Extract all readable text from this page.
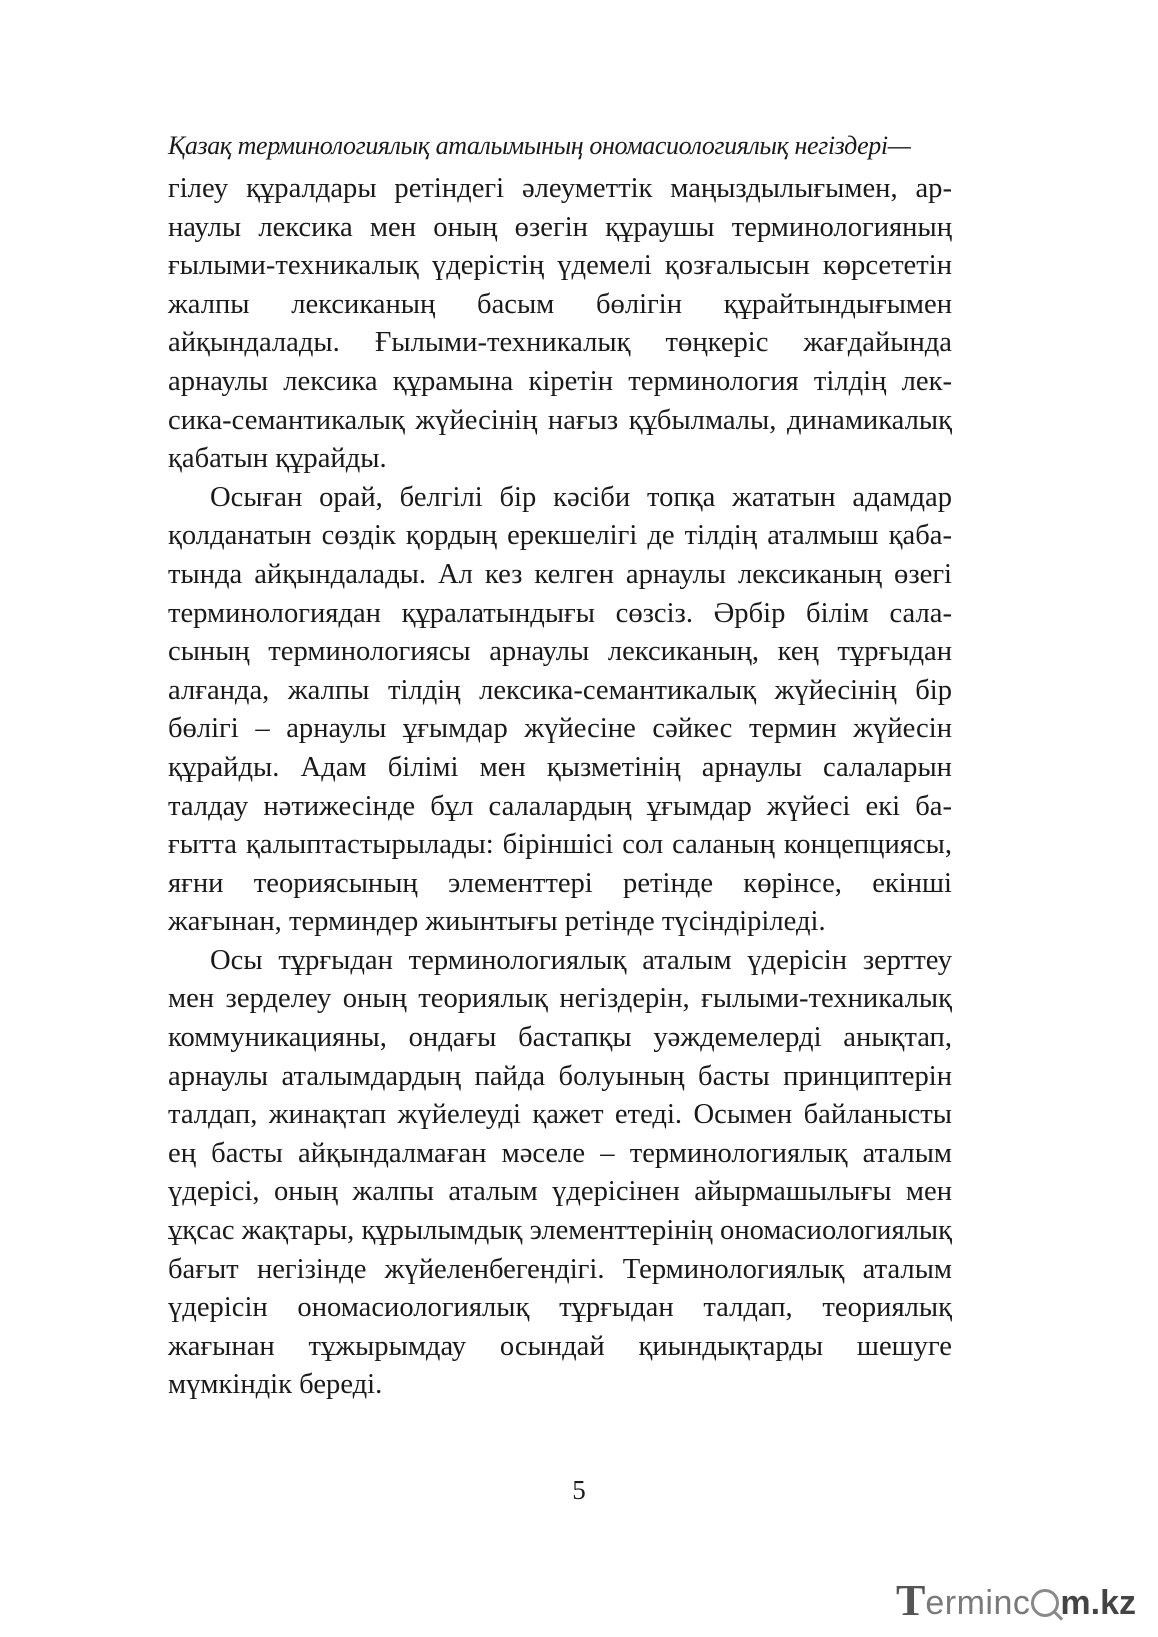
Қазақ терминологиялық аталымының ономасиологиялық негіздері—

гілеу құралдары ретіндегі әлеуметтік маңыздылығымен, арнаулы лексика мен оның өзегін құраушы терминологияның ғылыми-техникалық үдерістің үдемелі қозғалысын көрсететін жалпы лексиканың басым бөлігін құрайтындығымен айқындалады. Ғылыми-техникалық төңкеріс жағдайында арнаулы лексика құрамына кіретін терминология тілдің лексика-семантикалық жүйесінің нағыз құбылмалы, динамикалық қабатын құрайды.

Осыған орай, белгілі бір кәсіби топқа жататын адамдар қолданатын сөздік қордың ерекшелігі де тілдің аталмыш қабатында айқындалады. Ал кез келген арнаулы лексиканың өзегі терминологиядан құралатындығы сөзсіз. Әрбір білім саласының терминологиясы арнаулы лексиканың, кең тұрғыдан алғанда, жалпы тілдің лексика-семантикалық жүйесінің бір бөлігі – арнаулы ұғымдар жүйесіне сәйкес термин жүйесін құрайды. Адам білімі мен қызметінің арнаулы салаларын талдау нәтижесінде бұл салалардың ұғымдар жүйесі екі бағытта қалыптастырылады: біріншісі сол саланың концепциясы, яғни теориясының элементтері ретінде көрінсе, екінші жағынан, терминдер жиынтығы ретінде түсіндіріледі.

Осы тұрғыдан терминологиялық аталым үдерісін зерттеу мен зерделеу оның теориялық негіздерін, ғылыми-техникалық коммуникацияны, ондағы бастапқы уәждемелерді анықтап, арнаулы аталымдардың пайда болуының басты принциптерін талдап, жинақтап жүйелеуді қажет етеді. Осымен байланысты ең басты айқындалмаған мәселе – терминологиялық аталым үдерісі, оның жалпы аталым үдерісінен айырмашылығы мен ұқсас жақтары, құрылымдық элементтерінің ономасиологиялық бағыт негізінде жүйеленбегендігі. Терминологиялық аталым үдерісін ономасиологиялық тұрғыдан талдап, теориялық жағынан тұжырымдау осындай қиындықтарды шешуге мүмкіндік береді.

5
T erminc m.kz
